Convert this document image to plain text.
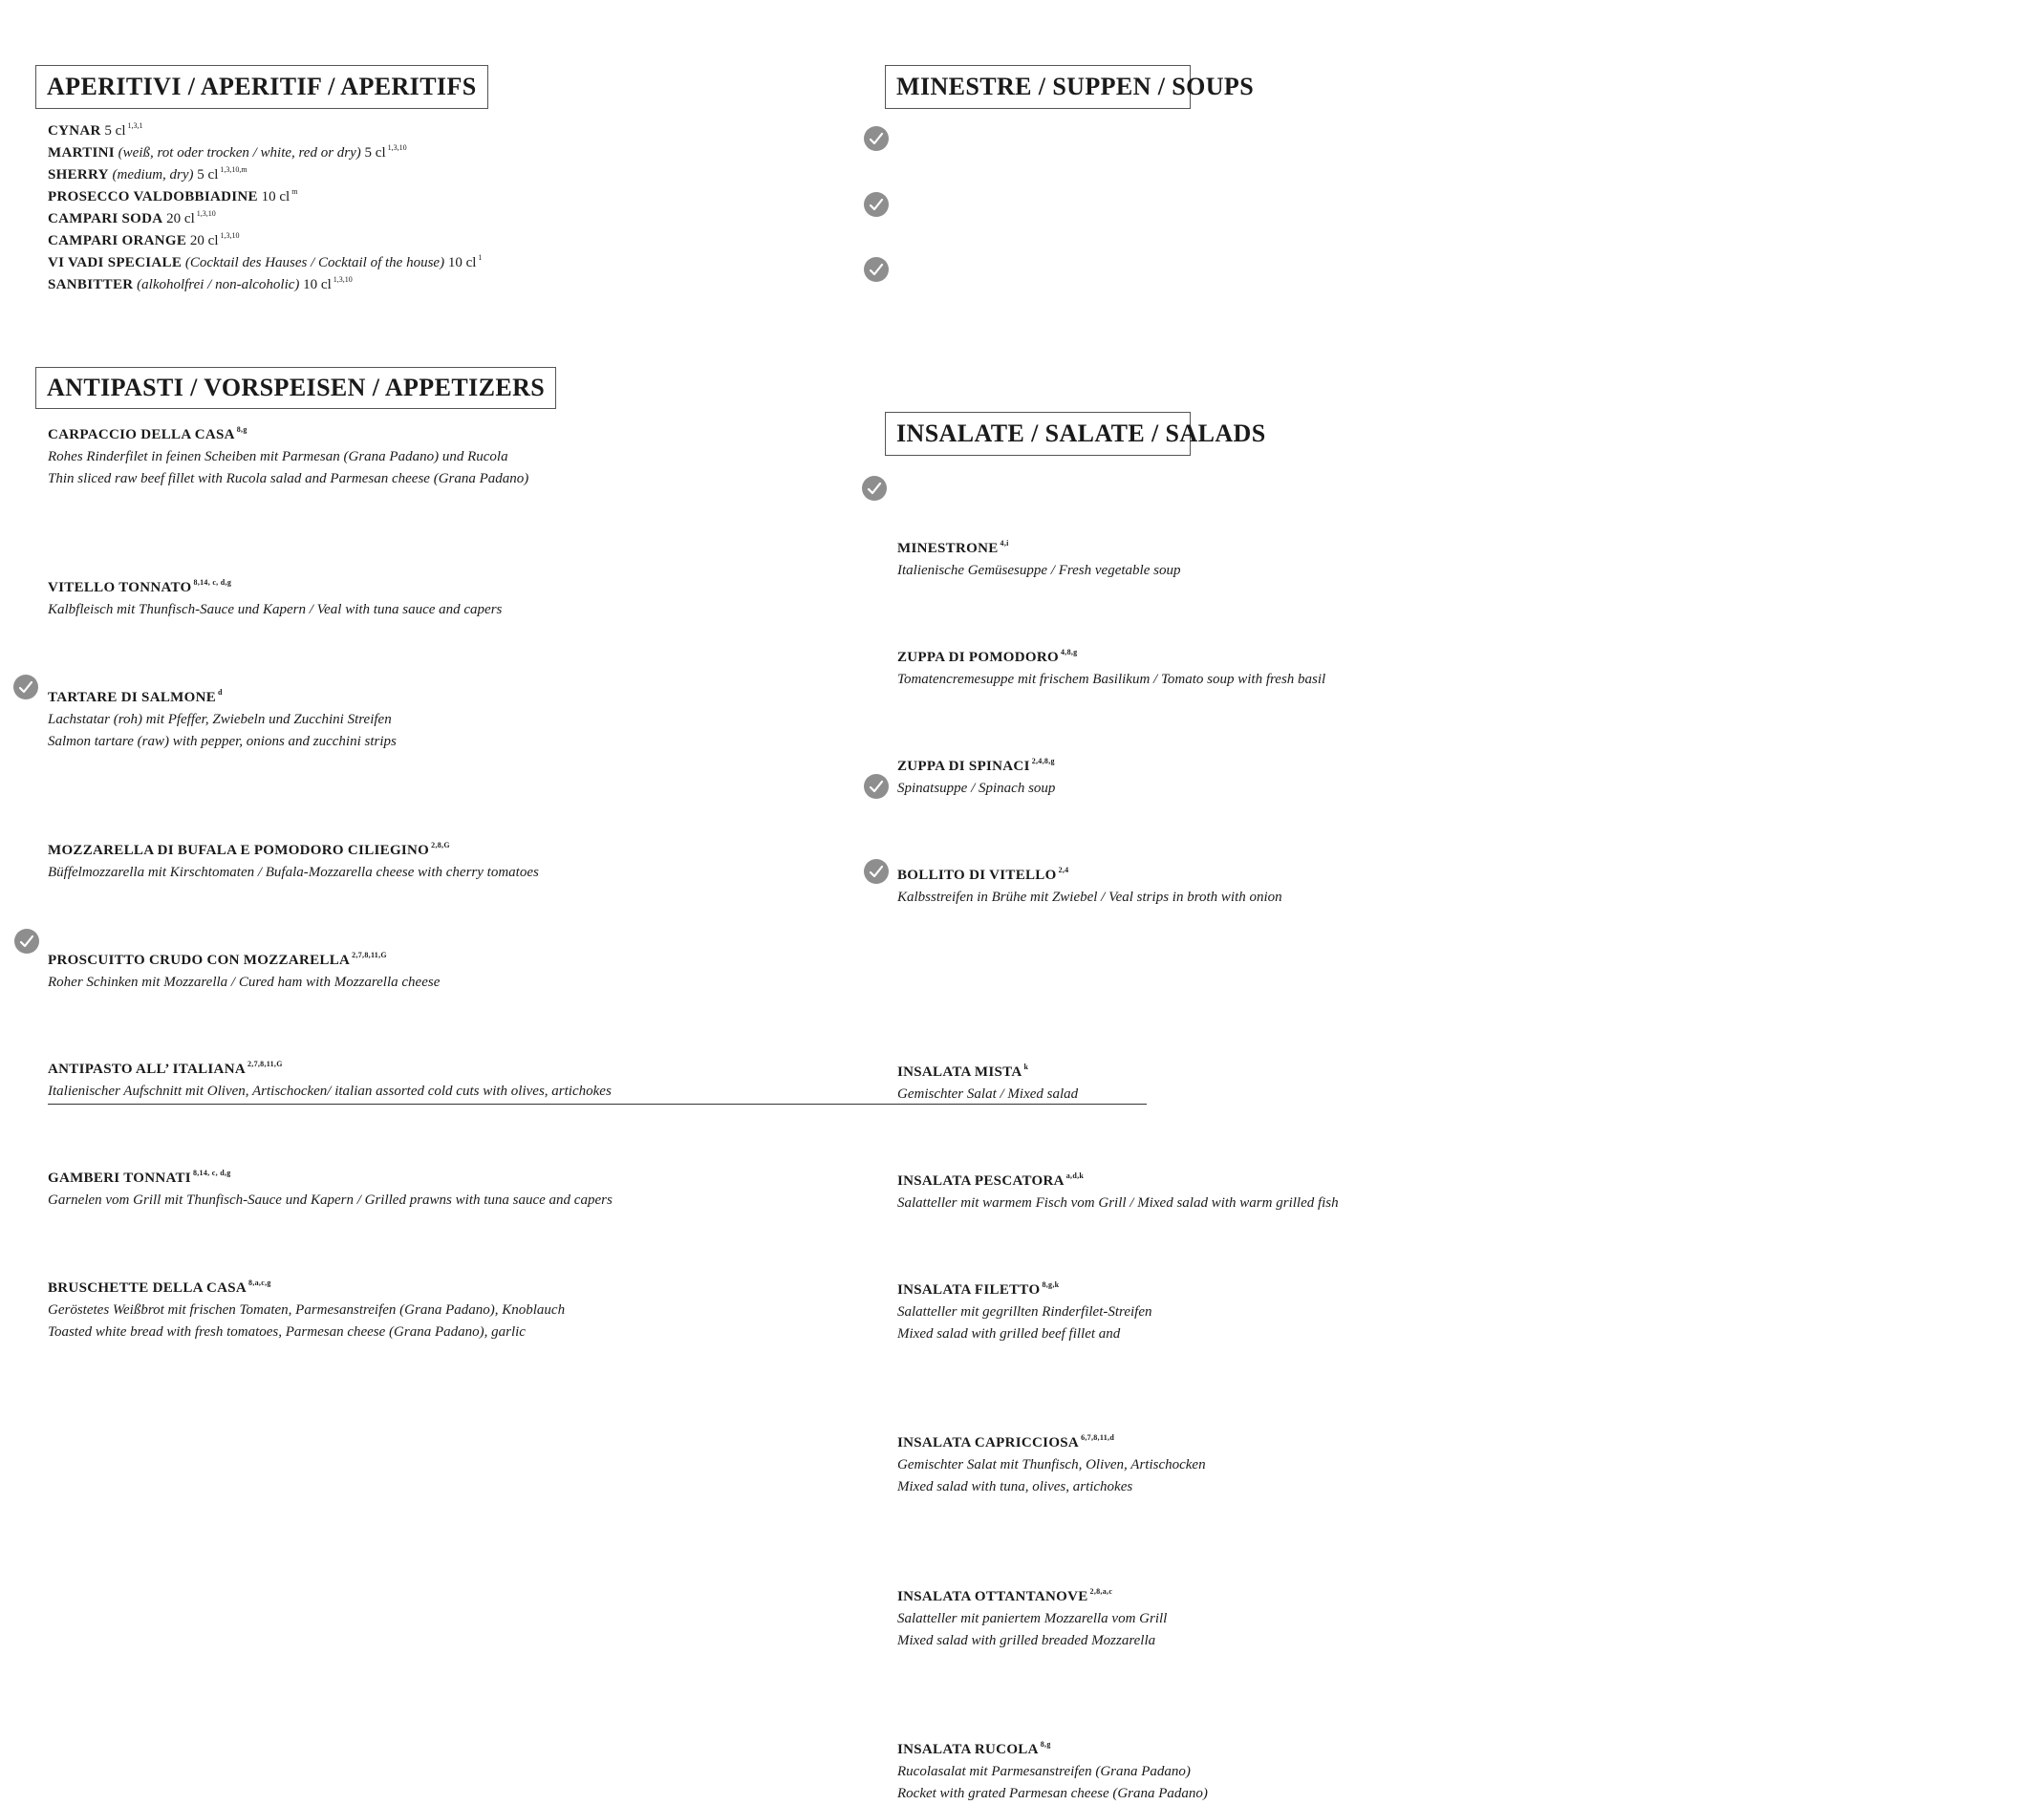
APERITIVI / APERITIF / APERITIFS
CYNAR 5 cl $^{1,3,1}$
MARTINI (weiß, rot oder trocken / white, red or dry) 5 cl $^{1,3,10}$
SHERRY (medium, dry) 5 cl $^{1,3,10,m}$
PROSECCO VALDOBBIADINE 10 cl $^m$
CAMPARI SODA 20 cl $^{1,3,10}$
CAMPARI ORANGE 20 cl $^{1,3,10}$
VI VADI SPECIALE (Cocktail des Hauses / Cocktail of the house) 10 cl $^1$
SANBITTER (alkoholfrei / non-alcoholic) 10 cl $^{1,3,10}$
ANTIPASTI / VORSPEISEN / APPETIZERS
CARPACCIO DELLA CASA $^{8,g}$
Rohes Rinderfilet in feinen Scheiben mit Parmesan (Grana Padano) und Rucola
Thin sliced raw beef fillet with Rucola salad and Parmesan cheese (Grana Padano)
VITELLO TONNATO $^{8,14, c, d,g}$
Kalbfleisch mit Thunfisch-Sauce und Kapern / Veal with tuna sauce and capers
TARTARE DI SALMONE $^d$
Lachstatar (roh) mit Pfeffer, Zwiebeln und Zucchini Streifen
Salmon tartare (raw) with pepper, onions and zucchini strips
MOZZARELLA DI BUFALA E POMODORO CILIEGINO $^{2,8,G}$
Büffelmozzarella mit Kirschtomaten / Bufala-Mozzarella cheese with cherry tomatoes
PROSCUITTO CRUDO CON MOZZARELLA $^{2,7,8,11,G}$
Roher Schinken mit Mozzarella / Cured ham with Mozzarella cheese
ANTIPASTO ALL’ ITALIANA $^{2,7,8,11,G}$
Italienischer Aufschnitt mit Oliven, Artischocken/ italian assorted cold cuts with olives, artichokes
GAMBERI TONNATI $^{8,14, c, d,g}$
Garnelen vom Grill mit Thunfisch-Sauce und Kapern / Grilled prawns with tuna sauce and capers
BRUSCHETTE DELLA CASA $^{8,a,c,g}$
Geröstetes Weißbrot mit frischen Tomaten, Parmesanstreifen (Grana Padano), Knoblauch
Toasted white bread with fresh tomatoes, Parmesan cheese (Grana Padano), garlic
MINESTRE / SUPPEN / SOUPS
MINESTRONE $^{4,i}$
Italienische Gemüsesuppe / Fresh vegetable soup
ZUPPA DI POMODORO $^{4,8,g}$
Tomatencremesuppe mit frischem Basilikum / Tomato soup with fresh basil
ZUPPA DI SPINACI $^{2,4,8,g}$
Spinatsuppe / Spinach soup
BOLLITO DI VITELLO $^{2,4}$
Kalbsstreifen in Brühe mit Zwiebel / Veal strips in broth with onion
INSALATE / SALATE / SALADS
INSALATA MISTA $^k$
Gemischter Salat / Mixed salad
INSALATA PESCATORA $^{a,d,k}$
Salatteller mit warmem Fisch vom Grill / Mixed salad with warm grilled fish
INSALATA FILETTO $^{8,g,k}$
Salatteller mit gegrillten Rinderfilet-Streifen
Mixed salad with grilled beef fillet and
INSALATA CAPRICCIOSA $^{6,7,8,11,d}$
Gemischter Salat mit Thunfisch, Oliven, Artischocken
Mixed salad with tuna, olives, artichokes
INSALATA OTTANTANOVE $^{2,8,a,c}$
Salatteller mit paniertem Mozzarella vom Grill
Mixed salad with grilled breaded Mozzarella
INSALATA RUCOLA $^{8,g}$
Rucolasalat mit Parmesanstreifen (Grana Padano)
Rocket with grated Parmesan cheese (Grana Padano)
